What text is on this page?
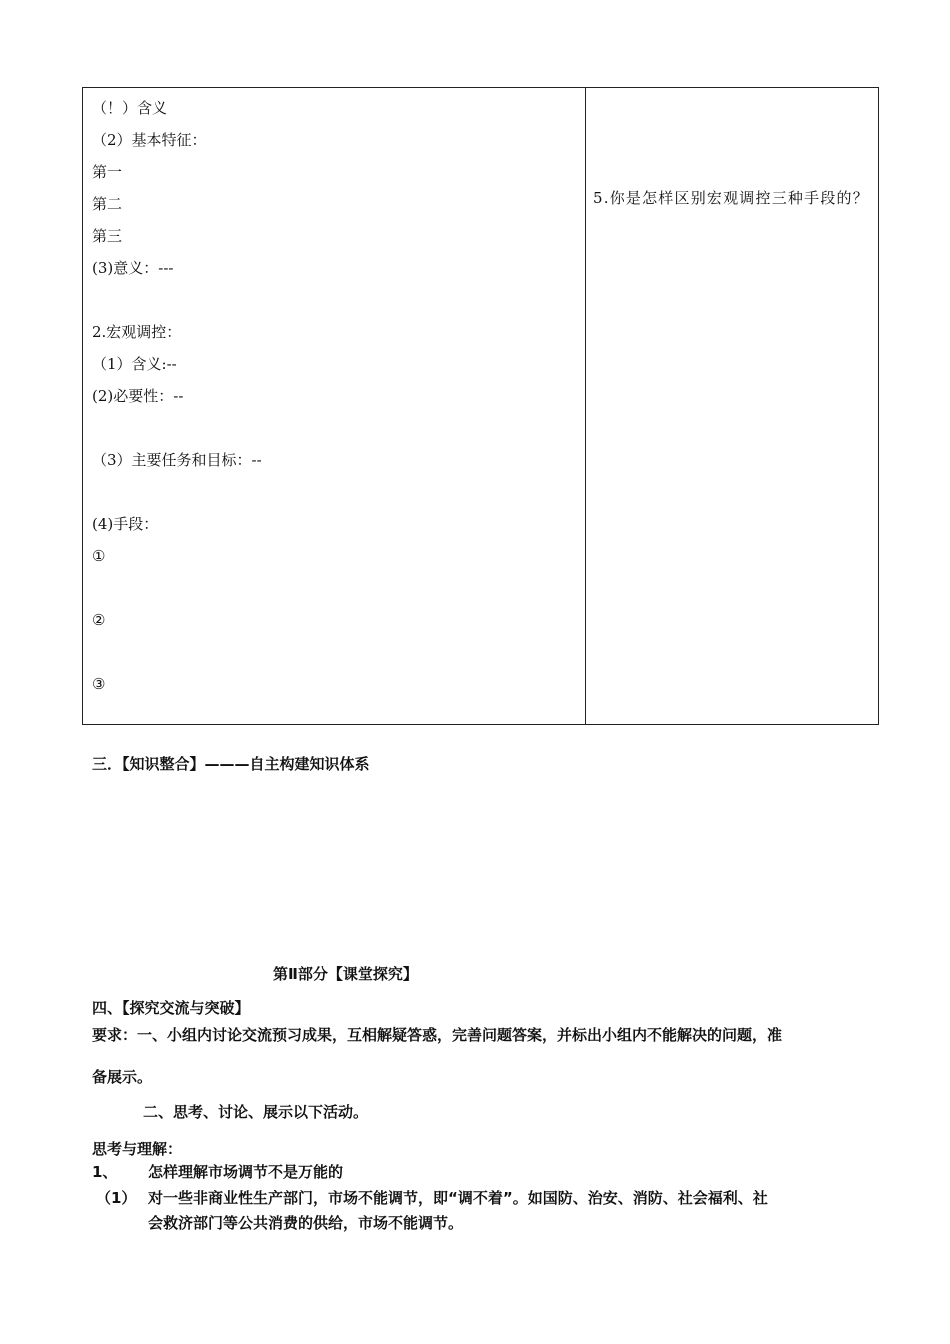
（！）含义
（2）基本特征：
第一
第二
第三
(3)意义：---
2.宏观调控：
（1）含义:--
(2)必要性：--
（3）主要任务和目标：--
(4)手段：
①
②
③
5.你是怎样区别宏观调控三种手段的？
三．【知识整合】———自主构建知识体系
第Ⅱ部分【课堂探究】
四、【探究交流与突破】
要求：一、小组内讨论交流预习成果，互相解疑答惑，完善问题答案，并标出小组内不能解决的问题，准
备展示。
二、思考、讨论、展示以下活动。
思考与理解：
1、 怎样理解市场调节不是万能的
（1） 对一些非商业性生产部门，市场不能调节，即“调不着”。如国防、治安、消防、社会福利、社
会救济部门等公共消费的供给，市场不能调节。
